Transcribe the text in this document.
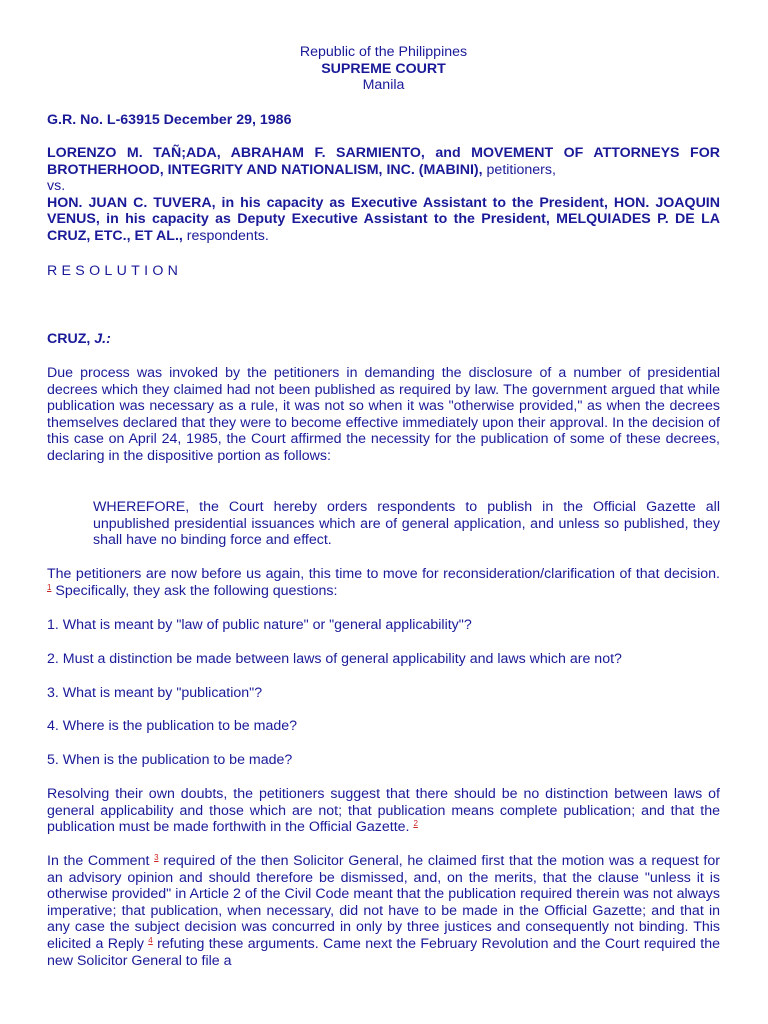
Republic of the Philippines
SUPREME COURT
Manila

G.R. No. L-63915 December 29, 1986

LORENZO M. TAÑ;ADA, ABRAHAM F. SARMIENTO, and MOVEMENT OF ATTORNEYS FOR BROTHERHOOD, INTEGRITY AND NATIONALISM, INC. (MABINI), petitioners,
vs.
HON. JUAN C. TUVERA, in his capacity as Executive Assistant to the President, HON. JOAQUIN VENUS, in his capacity as Deputy Executive Assistant to the President, MELQUIADES P. DE LA CRUZ, ETC., ET AL., respondents.

RESOLUTION

CRUZ, J.:

Due process was invoked by the petitioners in demanding the disclosure of a number of presidential decrees which they claimed had not been published as required by law. The government argued that while publication was necessary as a rule, it was not so when it was "otherwise provided," as when the decrees themselves declared that they were to become effective immediately upon their approval. In the decision of this case on April 24, 1985, the Court affirmed the necessity for the publication of some of these decrees, declaring in the dispositive portion as follows:

WHEREFORE, the Court hereby orders respondents to publish in the Official Gazette all unpublished presidential issuances which are of general application, and unless so published, they shall have no binding force and effect.

The petitioners are now before us again, this time to move for reconsideration/clarification of that decision. $^1$ Specifically, they ask the following questions:

1. What is meant by "law of public nature" or "general applicability"?

2. Must a distinction be made between laws of general applicability and laws which are not?

3. What is meant by "publication"?

4. Where is the publication to be made?

5. When is the publication to be made?

Resolving their own doubts, the petitioners suggest that there should be no distinction between laws of general applicability and those which are not; that publication means complete publication; and that the publication must be made forthwith in the Official Gazette. $^2$

In the Comment $^3$ required of the then Solicitor General, he claimed first that the motion was a request for an advisory opinion and should therefore be dismissed, and, on the merits, that the clause "unless it is otherwise provided" in Article 2 of the Civil Code meant that the publication required therein was not always imperative; that publication, when necessary, did not have to be made in the Official Gazette; and that in any case the subject decision was concurred in only by three justices and consequently not binding. This elicited a Reply $^4$ refuting these arguments. Came next the February Revolution and the Court required the new Solicitor General to file a
